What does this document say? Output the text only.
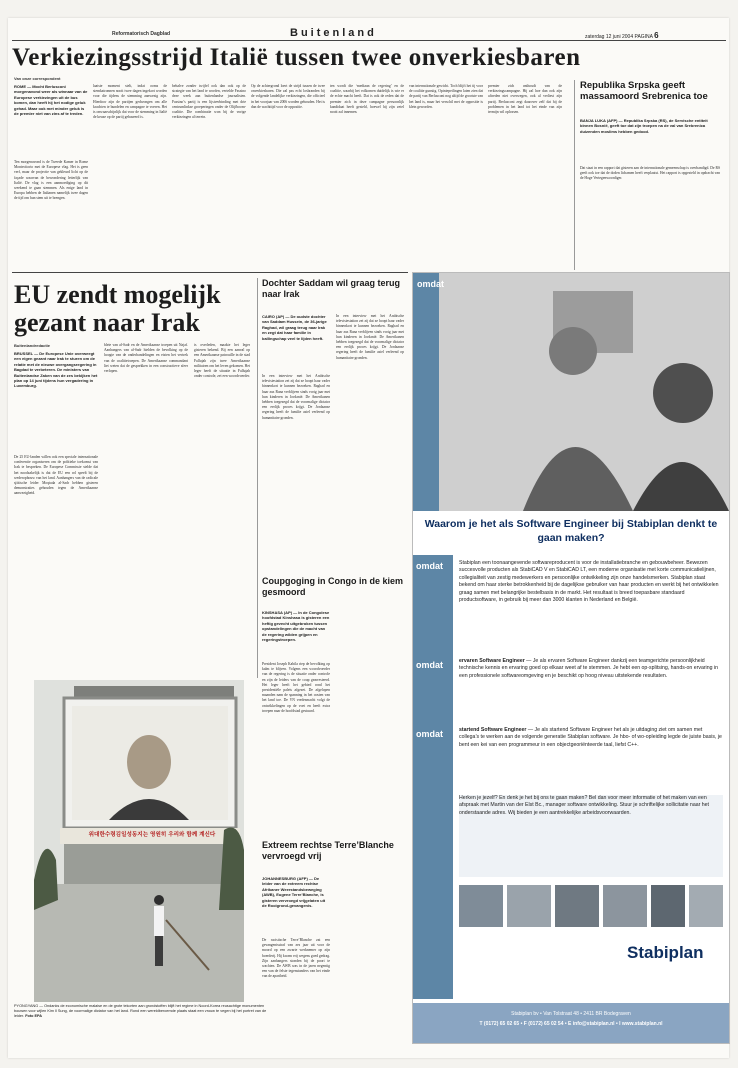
Reformatorisch Dagblad	Buitenland	zaterdag 12 juni 2004 PAGINA 6
Verkiezingsstrijd Italië tussen twee onverkiesbaren
Van onze correspondent
ROME — Mocht Berlusconi morgenavond weer als winnaar van de Europese verkiezingen uit de bus komen, dan heeft hij het nodige geluk gehad. Maar ook met minder geluk is de premier niet van zins af te treden.
Ten morgenavond is de Tweede Kamer in Rome Montecitorio met de Europese vlag. Het is geen verf, maar de projectie van gekleurd licht op de façade waarvan de bewondering letterlijk van Italië. De vlag is een aanmoediging op dit weekend te gaan stemmen. Als enige land in Europa hebben de Italianen namelijk twee dagen de tijd om hun stem uit te brengen.
laatste moment stelt, indat ooms de stemkatronnen nooit twee dagen ingekort worden voor die tijdens de stemming aanwezig zijn. Hierdoor zijn de partijen gedwongen om alle krachten te bundelen en campagne te voeren. Het is onwaarschijnlijk dat voor de stemming in Italië de keuze op de partij gebaseerd is.
behalve zonder twijfel ook dan ook op de strategie van het land te worden, vertelde Fassino deze week aan buitenlandse journalisten. Fassino’s partij is een lijstverbinding met drie centrumlinkse groeperingen onder de Olijfboom-coalitie. Die combinatie won bij de vorige verkiezingen al terrein.
Op de achtergrond loert de strijd tussen de twee onverkiesbaren. Die zal pas echt losbranden bij de volgende landelijke verkiezingen, die officieel in het voorjaar van 2006 worden gehouden. Het is dan de wachttijd voor de oppositie.
ten wordt die ‘mediaan de regering’ en de coalitie, waarbij het volkomen duidelijk is wie er de echte macht heeft. Dat is ook de reden dat de premier zich in deze campagne persoonlijk kandidaat heeft gesteld, hoewel hij zijn zetel nooit zal innemen.
van internationale gewicht. Toch blijft het tij voor de coalitie gunstig. Opiniepeilingen laten zien dat de partij van Berlusconi nog altijd de grootste van het land is, maar het verschil met de oppositie is klein geworden.
premier zich onthoudt van de verkiezingscampagne. Hij zal hoe dan ook zijn aftreden niet overwegen, ook al verliest zijn partij. Berlusconi zegt daarover zelf dat hij de problemen in het land tot het einde van zijn termijn wil oplossen.
Republika Srpska geeft massamoord Srebrenica toe
BANJA LUKA (AFP) — Republika Srpska (RS), de Servische entiteit binnen Bosnië, geeft toe dat zijn troepen na de val van Srebrenica duizenden moslims hebben gedood.
Dat staat in een rapport dat gisteren aan de internationale gemeenschap is overhandigd. De RS geeft ook toe dat de doden lichamen heeft verplaatst. Het rapport is opgesteld in opdracht van de Hoge Vertegenwoordiger.
EU zendt mogelijk gezant naar Irak
Buitenlandredactie
BRUSSEL — De Europese Unie overweegt een eigen gezant naar Irak te sturen om de relatie met de nieuwe overgangsregering in Bagdad te verbeteren. De ministers van Buitenlandse Zaken van de zes bekijken het plan op 14 juni tijdens hun vergadering in Luxemburg.
De 25 EU-landen willen ook een speciale internationale conferentie organiseren om de politieke toekomst van Irak te bespreken. De Europese Commissie stelde dat het noodzakelijk is dat de EU een rol speelt bij de wederopbouw van het land. Aanhangers van de radicale sjiitische leider Moqtada al-Sadr hebben gisteren demonstraties gehouden tegen de Amerikaanse aanwezigheid.
bleie van al-Sadr en de Amerikaanse troepen uit Najaf. Aanhangers van al-Sadr hielden de bevolking op de hoogte van de onderhandelingen en eisten het vertrek van de coalitietroepen. De Amerikaanse commandant liet weten dat de gesprekken in een constructieve sfeer verlopen.
is overleden, maakte het leger gisteren bekend. Bij een aanval op een Amerikaanse patrouille in de stad Fallujah zijn twee Amerikaanse militairen om het leven gekomen. Het leger heeft de situatie in Fallujah onder controle, zei een woordvoerder.
위대한수령김일성동지는 영원히 우리와 함께 계신다
PYONGYANG — Ondanks de economische malaise en de grote tekorten aan grondstoffen blijft het regime in Noord-Korea reusachtige monumenten bouwen voor wijlen Kim Il Sung, de voormalige dictator van het land. Rond een wereldberoemde plaats staat een vrouw te vegen bij het portret van de leider. Foto EPA
Dochter Saddam wil graag terug naar Irak
CAIRO (AP) — De oudste dochter van Saddam Hussein, de 36-jarige Raghad, wil graag terug naar Irak en zegt dat haar familie in ballingschap veel te lijden heeft.
In een interview met het Arabische televisiestation zei zij dat ze hoopt haar vader binnenkort te kunnen bezoeken. Raghad en haar zus Rana verblijven sinds vorig jaar met hun kinderen in Jordanië. De Amerikanen hebben toegezegd dat de voormalige dictator een eerlijk proces krijgt. De Jordaanse regering heeft de familie asiel verleend op humanitaire gronden.
Coupgoging in Congo in de kiem gesmoord
KINSHASA (AP) — In de Congolese hoofdstad Kinshasa is gisteren een heftig gevecht uitgebroken tussen opstandelingen die de macht van de regering wilden grijpen en regeringstroepen.
President Joseph Kabila riep de bevolking op kalm te blijven. Volgens een woordvoerder van de regering is de situatie onder controle en zijn de leiders van de coup gearresteerd. Het leger heeft het gebied rond het presidentiële paleis afgezet. De afgelopen maanden nam de spanning in het oosten van het land toe. De VN vredesmacht volgt de ontwikkelingen op de voet en heeft extra troepen naar de hoofdstad gestuurd.
Extreem rechtse Terre’Blanche vervroegd vrij
JOHANNESBURG (AFP) — De leider van de extreem rechtse Afrikaner Weerstandsbeweging (AWB), Eugene Terre’Blanche, is gisteren vervroegd vrijgelaten uit de Rooigrond-gevangenis.
De racistische Terre’Blanche zat een gevangenisstraf van zes jaar uit voor de moord op een zwarte werknemer op zijn boerderij. Hij kwam vrij wegens goed gedrag. Zijn aanhangers stonden bij de poort te wachten. De AWB was in de jaren negentig een van de felste tegenstanders van het einde van de apartheid.
In een interview met het Arabische televisiestation zei zij dat ze hoopt haar vader binnenkort te kunnen bezoeken. Raghad en haar zus Rana verblijven sinds vorig jaar met hun kinderen in Jordanië. De Amerikanen hebben toegezegd dat de voormalige dictator een eerlijk proces krijgt. De Jordaanse regering heeft de familie asiel verleend op humanitaire gronden.
omdat
Waarom je het als Software Engineer bij Stabiplan denkt te gaan maken?
omdat	Stabiplan een toonaangevende softwareproducent is voor de installatiebranche en gebouwbeheer. Bewezen succesvolle producten als StabiCAD V en StabiCAD LT, een moderne organisatie met korte communicatielijnen, collegialiteit van zestig medewerkers en persoonlijke ontwikkeling zijn onze handelsmerken. Stabiplan staat bekend om haar sterke betrokkenheid bij de dagelijkse gebruiker van haar producten en werkt bij het ontwikkelen graag samen met belangrijke bestelbasis in de markt. Het resultaat is breed toepasbare standaard productsoftware, in gebruik bij meer dan 3000 klanten in Nederland en België.
omdat	ervaren Software Engineer — Je als ervaren Software Engineer dankzij een teamgerichte persoonlijkheid technische kennis en ervaring goed op elkaar weet af te stemmen. Je hebt een op-splitsing, hands-on ervaring in een professionele softwareomgeving en je beschikt op hoog niveau uitstekende resultaten.
omdat	startend Software Engineer — Je als startend Software Engineer het als je uitdaging ziet om samen met collega’s te werken aan de volgende generatie Stabiplan software. Je hbo- of wo-opleiding legde de juiste basis, je bent een kei van een programmeur in een objectgeoriënteerde taal, liefst C++.
Herken je jezelf? En denk je het bij ons te gaan maken? Bel dan voor meer informatie of het maken van een afspraak met Martin van der Elst Bc., manager software ontwikkeling. Stuur je schriftelijke sollicitatie naar het onderstaande adres. Wij bieden je een aantrekkelijke arbeidsvoorwaarden.
Stabiplan
Stabiplan bv • Van Tolstraat 48 • 2411 BR Bodegraven
T (0172) 65 02 65 • F (0172) 65 02 54 • E info@stabiplan.nl • I www.stabiplan.nl
